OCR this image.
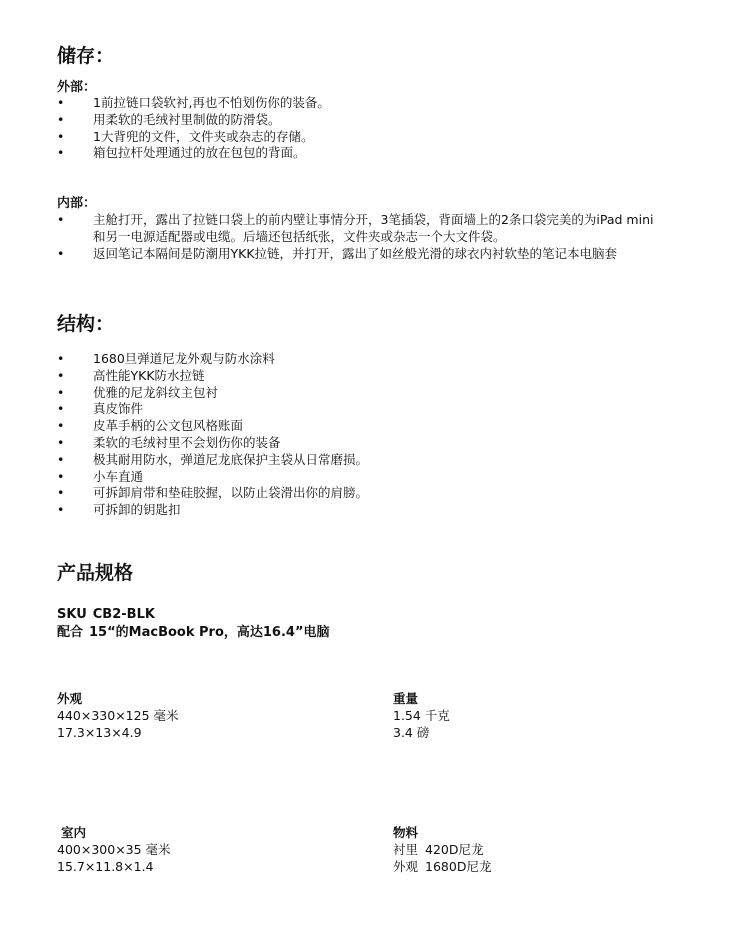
储存：
外部：
• 1前拉链口袋软衬,再也不怕划伤你的装备。
• 用柔软的毛绒衬里制做的防滑袋。
• 1大背兜的文件，文件夹或杂志的存储。
• 箱包拉杆处理通过的放在包包的背面。
内部：
• 主舱打开，露出了拉链口袋上的前内壁让事情分开，3笔插袋，背面墙上的2条口袋完美的为iPad mini和另一电源适配器或电缆。后墙还包括纸张，文件夹或杂志一个大文件袋。
• 返回笔记本隔间是防潮用YKK拉链，并打开，露出了如丝般光滑的球衣内衬软垫的笔记本电脑套
结构：
• 1680旦弹道尼龙外观与防水涂料
• 高性能YKK防水拉链
• 优雅的尼龙斜纹主包衬
• 真皮饰件
• 皮革手柄的公文包风格账面
• 柔软的毛绒衬里不会划伤你的装备
• 极其耐用防水，弹道尼龙底保护主袋从日常磨损。
• 小车直通
• 可拆卸肩带和垫硅胶握，以防止袋滑出你的肩膀。
• 可拆卸的钥匙扣
产品规格
SKU CB2-BLK
配合 15“的MacBook Pro，高达16.4”电脑
外观
440×330×125 毫米
17.3×13×4.9
重量
1.54 千克
3.4 磅
室内
400×300×35 毫米
15.7×11.8×1.4
物料
衬里 420D尼龙
外观 1680D尼龙
